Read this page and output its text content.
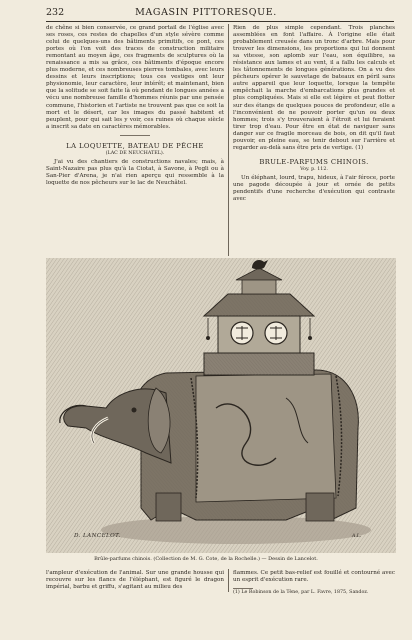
232	MAGASIN PITTORESQUE.

de chêne si bien conservée, ce grand portail de l'église avec ses roses, ces restes de chapelles d'un style sévère comme celui de quelques-uns des bâtiments primitifs, ce pont, ces portes où l'on voit des traces de construction militaire remontant au moyen âge, ces fragments de sculptures où la renaissance a mis sa grâce, ces bâtiments d'époque encore plus moderne, et ces nombreuses pierres tombales, avec leurs dessins et leurs inscriptions; tous ces vestiges ont leur physionomie, leur caractère, leur intérêt; et maintenant, bien que la solitude se soit faite là où pendant de longues années a vécu une nombreuse famille d'hommes réunis par une pensée commune, l'historien et l'artiste ne trouvent pas que ce soit la mort et le désert, car les images du passé habitent et peuplent, pour qui sait les y voir, ces ruines où chaque siècle a inscrit sa date en caractères mémorables.

LA LOQUETTE, BATEAU DE PÊCHE

(LAC DE NEUCHATEL).

J'ai vu des chantiers de constructions navales; mais, à Saint-Nazaire pas plus qu'à la Ciotat, à Savone, à Pegli ou à San-Pier d'Arena, je n'ai rien aperçu qui ressemble à la loquette de nos pêcheurs sur le lac de Neuchâtel.

Rien de plus simple cependant. Trois planches assemblées en font l'affaire. À l'origine elle était probablement creusée dans un tronc d'arbre. Mais pour trouver les dimensions, les proportions qui lui donnent sa vitesse, son aplomb sur l'eau, son équilibre, sa résistance aux lames et au vent, il a fallu les calculs et les tâtonnements de longues générations. On a vu des pêcheurs opérer le sauvetage de bateaux en péril sans autre appareil que leur loquette, lorsque la tempête empêchait la marche d'embarcations plus grandes et plus compliquées. Mais si elle est légère et peut flotter sur des étangs de quelques pouces de profondeur, elle a l'inconvénient de ne pouvoir porter qu'un ou deux hommes; trois s'y trouveraient à l'étroit et lui feraient tirer trop d'eau. Pour être en état de naviguer sans danger sur ce fragile morceau de bois, on dit qu'il faut pouvoir, en pleine eau, se tenir debout sur l'arrière et regarder au-delà sans être pris de vertige. (1)

BRULE-PARFUMS CHINOIS.

Voy. p. 112.

Un éléphant, lourd, trapu, hideux, à l'air féroce, porte une pagode découpée à jour et ornée de petits pendentifs d'une recherche d'exécution qui contraste avec

D. LANCELOT.	A.L.
Brûle-parfums chinois. (Collection de M. G. Cote, de la Rochelle.) — Dessin de Lancelot.
l'ampleur d'exécution de l'animal. Sur une grande housse qui recouvre sur les flancs de l'éléphant, est figuré le dragon impérial, barbu et griffu, s'agitant au milieu des
flammes. Ce petit bas-relief est fouillé et contourné avec un esprit d'exécution rare.
(1) Le Robinson de la Tène, par L. Favre, 1875, Sandoz.
